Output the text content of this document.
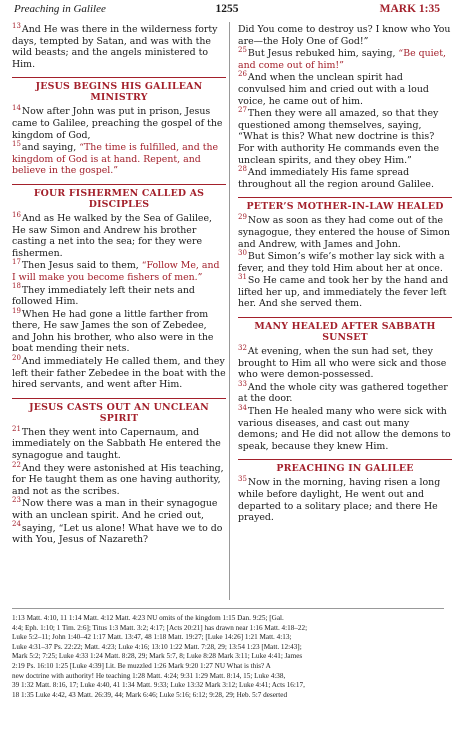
Preaching in Galilee	1255	MARK 1:35

$^{13}$And He was there in the wilderness forty days, tempted by Satan, and was with the wild beasts; and the angels ministered to Him.

JESUS BEGINS HIS GALILEAN MINISTRY

$^{14}$Now after John was put in prison, Jesus came to Galilee, preaching the gospel of the kingdom of God,

$^{15}$and saying, “The time is fulfilled, and the kingdom of God is at hand. Repent, and believe in the gospel.”

FOUR FISHERMEN CALLED AS DISCIPLES

$^{16}$And as He walked by the Sea of Galilee, He saw Simon and Andrew his brother casting a net into the sea; for they were fishermen.

$^{17}$Then Jesus said to them, “Follow Me, and I will make you become fishers of men.”

$^{18}$They immediately left their nets and followed Him.

$^{19}$When He had gone a little farther from there, He saw James the son of Zebedee, and John his brother, who also were in the boat mending their nets.

$^{20}$And immediately He called them, and they left their father Zebedee in the boat with the hired servants, and went after Him.

JESUS CASTS OUT AN UNCLEAN SPIRIT

$^{21}$Then they went into Capernaum, and immediately on the Sabbath He entered the synagogue and taught.

$^{22}$And they were astonished at His teaching, for He taught them as one having authority, and not as the scribes.

$^{23}$Now there was a man in their synagogue with an unclean spirit. And he cried out,

$^{24}$saying, “Let us alone! What have we to do with You, Jesus of Nazareth?

Did You come to destroy us? I know who You are—the Holy One of God!”

$^{25}$But Jesus rebuked him, saying, “Be quiet, and come out of him!”

$^{26}$And when the unclean spirit had convulsed him and cried out with a loud voice, he came out of him.

$^{27}$Then they were all amazed, so that they questioned among themselves, saying, “What is this? What new doctrine is this? For with authority He commands even the unclean spirits, and they obey Him.”

$^{28}$And immediately His fame spread throughout all the region around Galilee.

PETER’S MOTHER-IN-LAW HEALED

$^{29}$Now as soon as they had come out of the synagogue, they entered the house of Simon and Andrew, with James and John.

$^{30}$But Simon’s wife’s mother lay sick with a fever, and they told Him about her at once.

$^{31}$So He came and took her by the hand and lifted her up, and immediately the fever left her. And she served them.

MANY HEALED AFTER SABBATH SUNSET

$^{32}$At evening, when the sun had set, they brought to Him all who were sick and those who were demon-possessed.

$^{33}$And the whole city was gathered together at the door.

$^{34}$Then He healed many who were sick with various diseases, and cast out many demons; and He did not allow the demons to speak, because they knew Him.

PREACHING IN GALILEE

$^{35}$Now in the morning, having risen a long while before daylight, He went out and departed to a solitary place; and there He prayed.

1:13 Matt. 4:10, 11 1:14 Matt. 4:12 Matt. 4:23 NU omits of the kingdom 1:15 Dan. 9:25; [Gal.
4:4; Eph. 1:10; 1 Tim. 2:6]; Titus 1:3 Matt. 3:2; 4:17; [Acts 20:21] has drawn near 1:16 Matt. 4:18–22;
Luke 5:2–11; John 1:40–42 1:17 Matt. 13:47, 48 1:18 Matt. 19:27; [Luke 14:26] 1:21 Matt. 4:13;
Luke 4:31–37 Ps. 22:22; Matt. 4:23; Luke 4:16; 13:10 1:22 Matt. 7:28, 29; 13:54 1:23 [Matt. 12:43];
Mark 5:2; 7:25; Luke 4:33 1:24 Matt. 8:28, 29; Mark 5:7, 8; Luke 8:28 Mark 3:11; Luke 4:41; James
2:19 Ps. 16:10 1:25 [Luke 4:39] Lit. Be muzzled 1:26 Mark 9:20 1:27 NU What is this? A
new doctrine with authority! He teaching 1:28 Matt. 4:24; 9:31 1:29 Matt. 8:14, 15; Luke 4:38,
39 1:32 Matt. 8:16, 17; Luke 4:40, 41 1:34 Matt. 9:33; Luke 13:32 Mark 3:12; Luke 4:41; Acts 16:17,
18 1:35 Luke 4:42, 43 Matt. 26:39, 44; Mark 6:46; Luke 5:16; 6:12; 9:28, 29; Heb. 5:7 deserted
